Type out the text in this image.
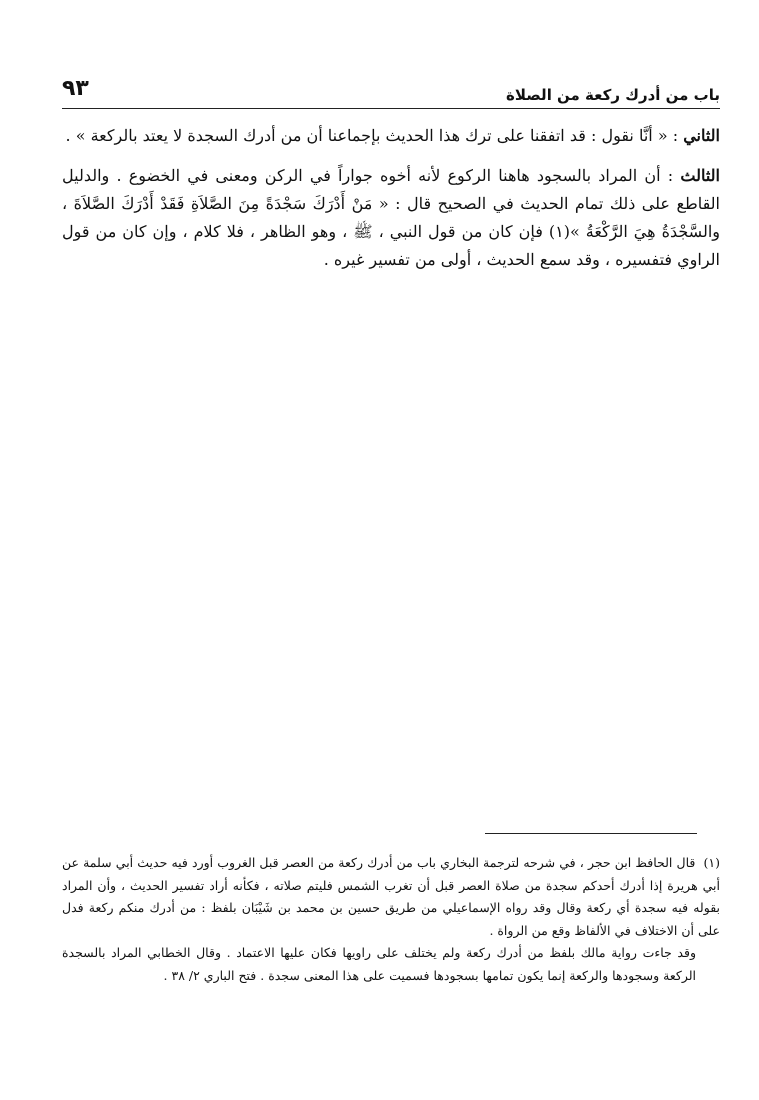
باب من أدرك ركعة من الصلاة
٩٣

الثاني : « أنَّا نقول : قد اتفقنا على ترك هذا الحديث بإجماعنا أن من أدرك السجدة لا يعتد بالركعة » .

الثالث : أن المراد بالسجود هاهنا الركوع لأنه أخوه جواراً في الركن ومعنى في الخضوع . والدليل القاطع على ذلك تمام الحديث في الصحيح قال : « مَنْ أَدْرَكَ سَجْدَةً مِنَ الصَّلاَةِ فَقَدْ أَدْرَكَ الصَّلاَةَ ، والسَّجْدَةُ هِيَ الرَّكْعَةُ »(١) فإن كان من قول النبي ، ﷺ ، وهو الظاهر ، فلا كلام ، وإن كان من قول الراوي فتفسيره ، وقد سمع الحديث ، أولى من تفسير غيره .

(١) قال الحافظ ابن حجر ، في شرحه لترجمة البخاري باب من أدرك ركعة من العصر قبل الغروب أورد فيه حديث أبي سلمة عن أبي هريرة إذا أدرك أحدكم سجدة من صلاة العصر قبل أن تغرب الشمس فليتم صلاته ، فكأنه أراد تفسير الحديث ، وأن المراد بقوله فيه سجدة أي ركعة وقال وقد رواه الإسماعيلي من طريق حسين بن محمد بن شَيْبَان بلفظ : من أدرك منكم ركعة فدل على أن الاختلاف في الألفاظ وقع من الرواة .

وقد جاءت رواية مالك بلفظ من أدرك ركعة ولم يختلف على راويها فكان عليها الاعتماد . وقال الخطابي المراد بالسجدة الركعة وسجودها والركعة إنما يكون تمامها بسجودها فسميت على هذا المعنى سجدة . فتح الباري ٢/ ٣٨ .
